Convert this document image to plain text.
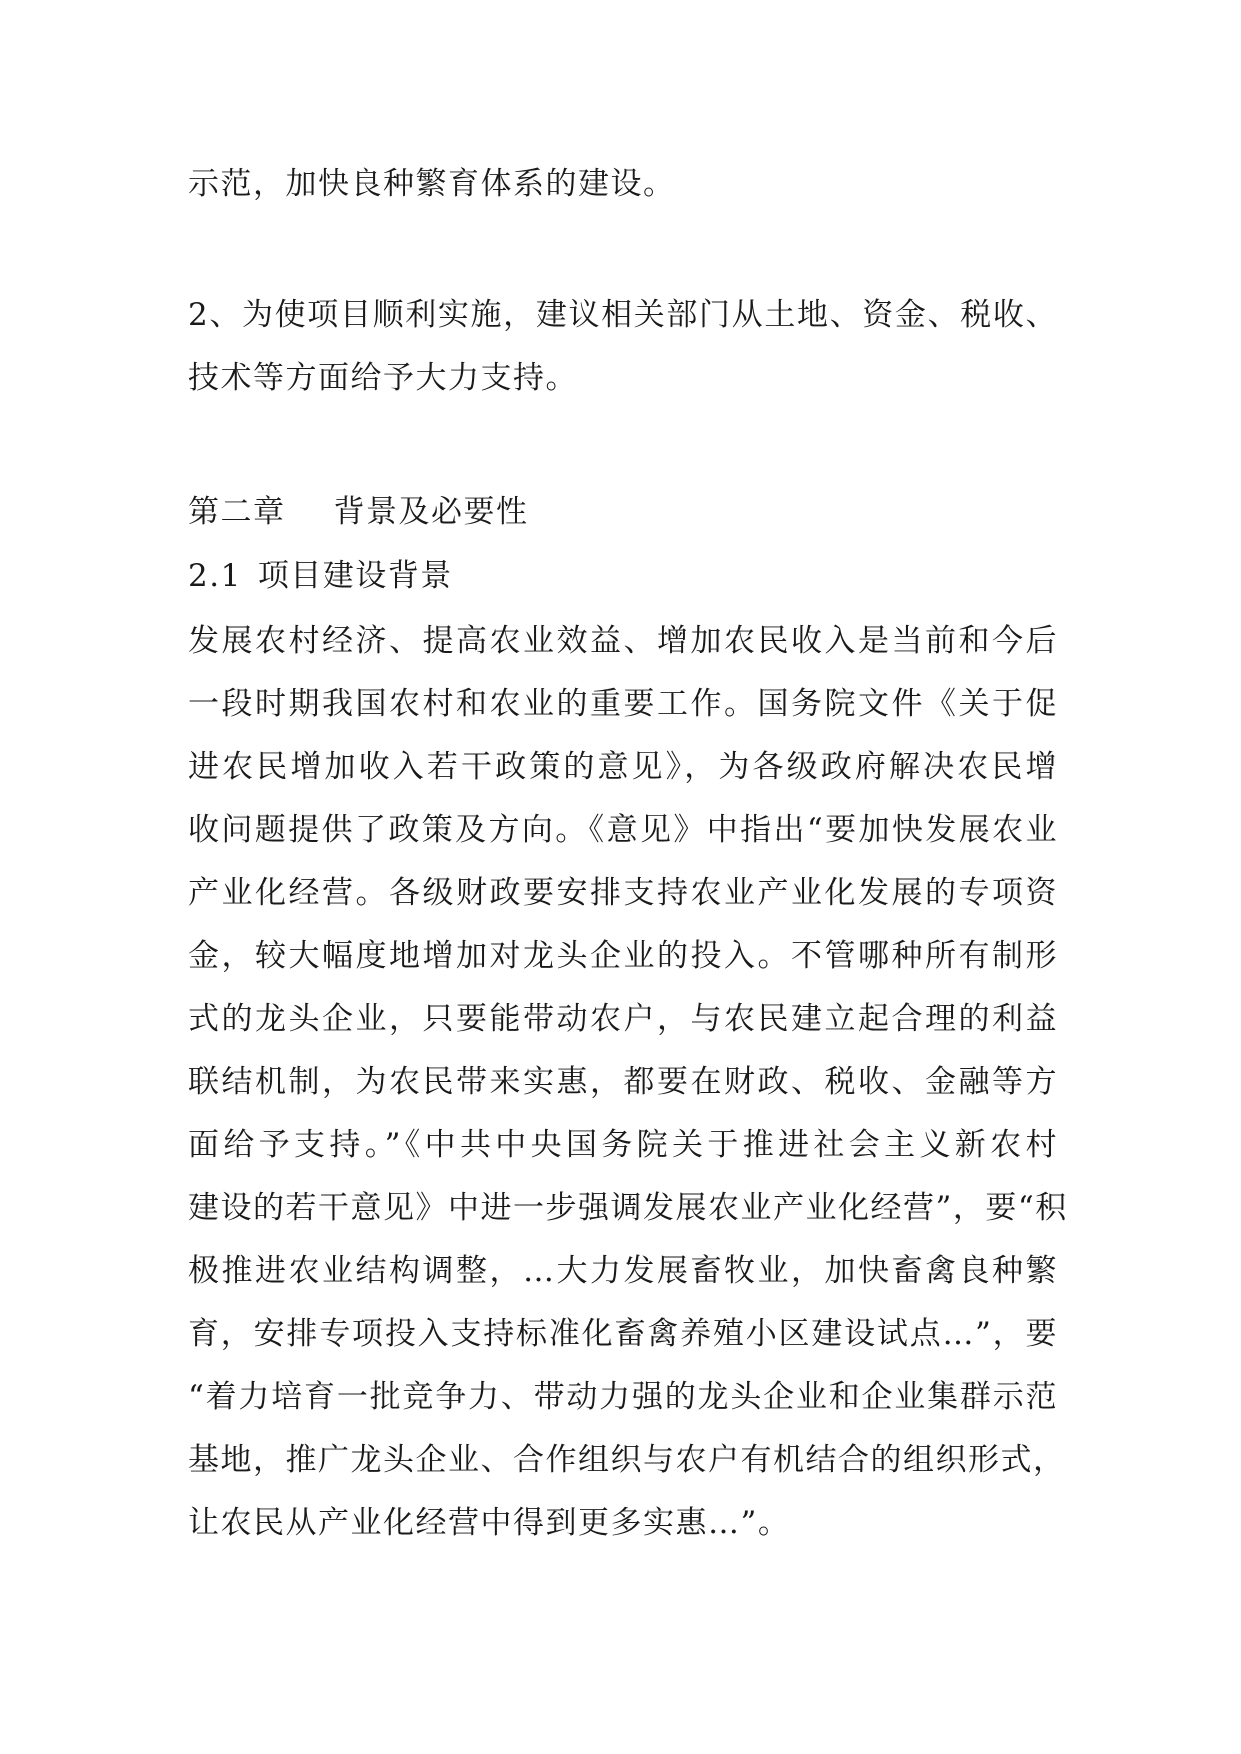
示范，加快良种繁育体系的建设。
2、为使项目顺利实施，建议相关部门从土地、资金、税收、
技术等方面给予大力支持。
第二章 背景及必要性
2.1 项目建设背景
发展农村经济、提高农业效益、增加农民收入是当前和今后
一段时期我国农村和农业的重要工作。国务院文件《关于促
进农民增加收入若干政策的意见》，为各级政府解决农民增
收问题提供了政策及方向。《意见》中指出“要加快发展农业
产业化经营。各级财政要安排支持农业产业化发展的专项资
金，较大幅度地增加对龙头企业的投入。不管哪种所有制形
式的龙头企业，只要能带动农户，与农民建立起合理的利益
联结机制，为农民带来实惠，都要在财政、税收、金融等方
面给予支持。”《中共中央国务院关于推进社会主义新农村
建设的若干意见》中进一步强调发展农业产业化经营”，要“积
极推进农业结构调整，…大力发展畜牧业，加快畜禽良种繁
育，安排专项投入支持标准化畜禽养殖小区建设试点…”，要
“着力培育一批竞争力、带动力强的龙头企业和企业集群示范
基地，推广龙头企业、合作组织与农户有机结合的组织形式，
让农民从产业化经营中得到更多实惠…”。
